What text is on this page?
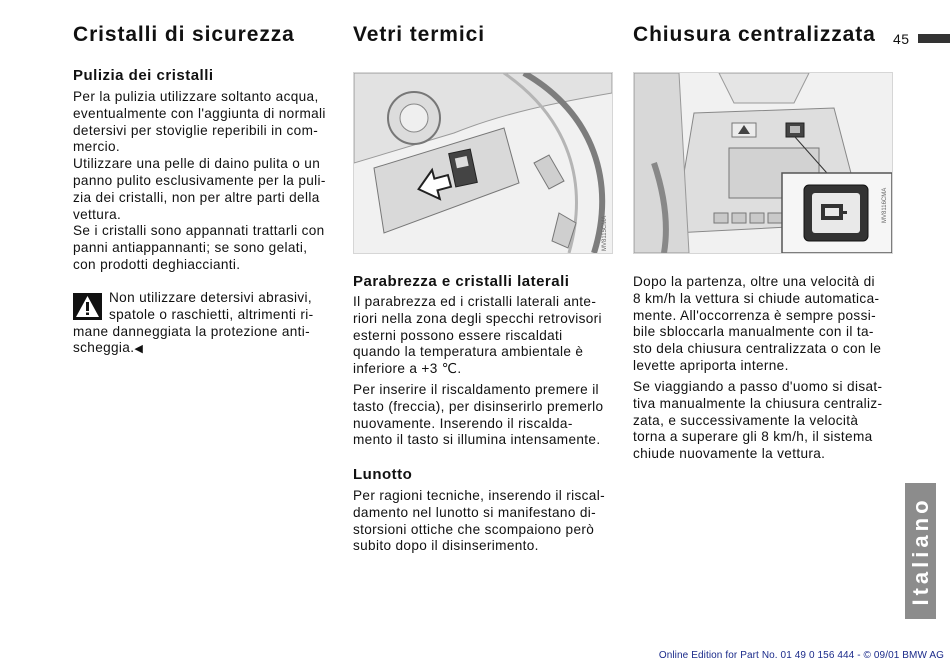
45
Cristalli di sicurezza
Pulizia dei cristalli

Per la pulizia utilizzare soltanto acqua,
eventualmente con l'aggiunta di normali
detersivi per stoviglie reperibili in com-
mercio.
Utilizzare una pelle di daino pulita o un
panno pulito esclusivamente per la puli-
zia dei cristalli, non per altre parti della
vettura.
Se i cristalli sono appannati trattarli con
panni antiappannanti; se sono gelati,
con prodotti deghiaccianti.

Non utilizzare detersivi abrasivi,

spatole o raschietti, altrimenti ri-

mane danneggiata la protezione anti-
scheggia.◀

Vetri termici
MV8115CMA
Parabrezza e cristalli laterali

Il parabrezza ed i cristalli laterali ante-
riori nella zona degli specchi retrovisori
esterni possono essere riscaldati
quando la temperatura ambientale è
inferiore a +3 ℃.

Per inserire il riscaldamento premere il
tasto (freccia), per disinserirlo premerlo
nuovamente. Inserendo il riscalda-
mento il tasto si illumina intensamente.

Lunotto

Per ragioni tecniche, inserendo il riscal-
damento nel lunotto si manifestano di-
storsioni ottiche che scompaiono però
subito dopo il disinserimento.

Chiusura centralizzata
MV8116CMA

Dopo la partenza, oltre una velocità di
8 km/h la vettura si chiude automatica-
mente. All'occorrenza è sempre possi-
bile sbloccarla manualmente con il ta-
sto dela chiusura centralizzata o con le
levette apriporta interne.

Se viaggiando a passo d'uomo si disat-
tiva manualmente la chiusura centraliz-
zata, e successivamente la velocità
torna a superare gli 8 km/h, il sistema
chiude nuovamente la vettura.

Italiano
Online Edition for Part No. 01 49 0 156 444 - © 09/01 BMW AG
